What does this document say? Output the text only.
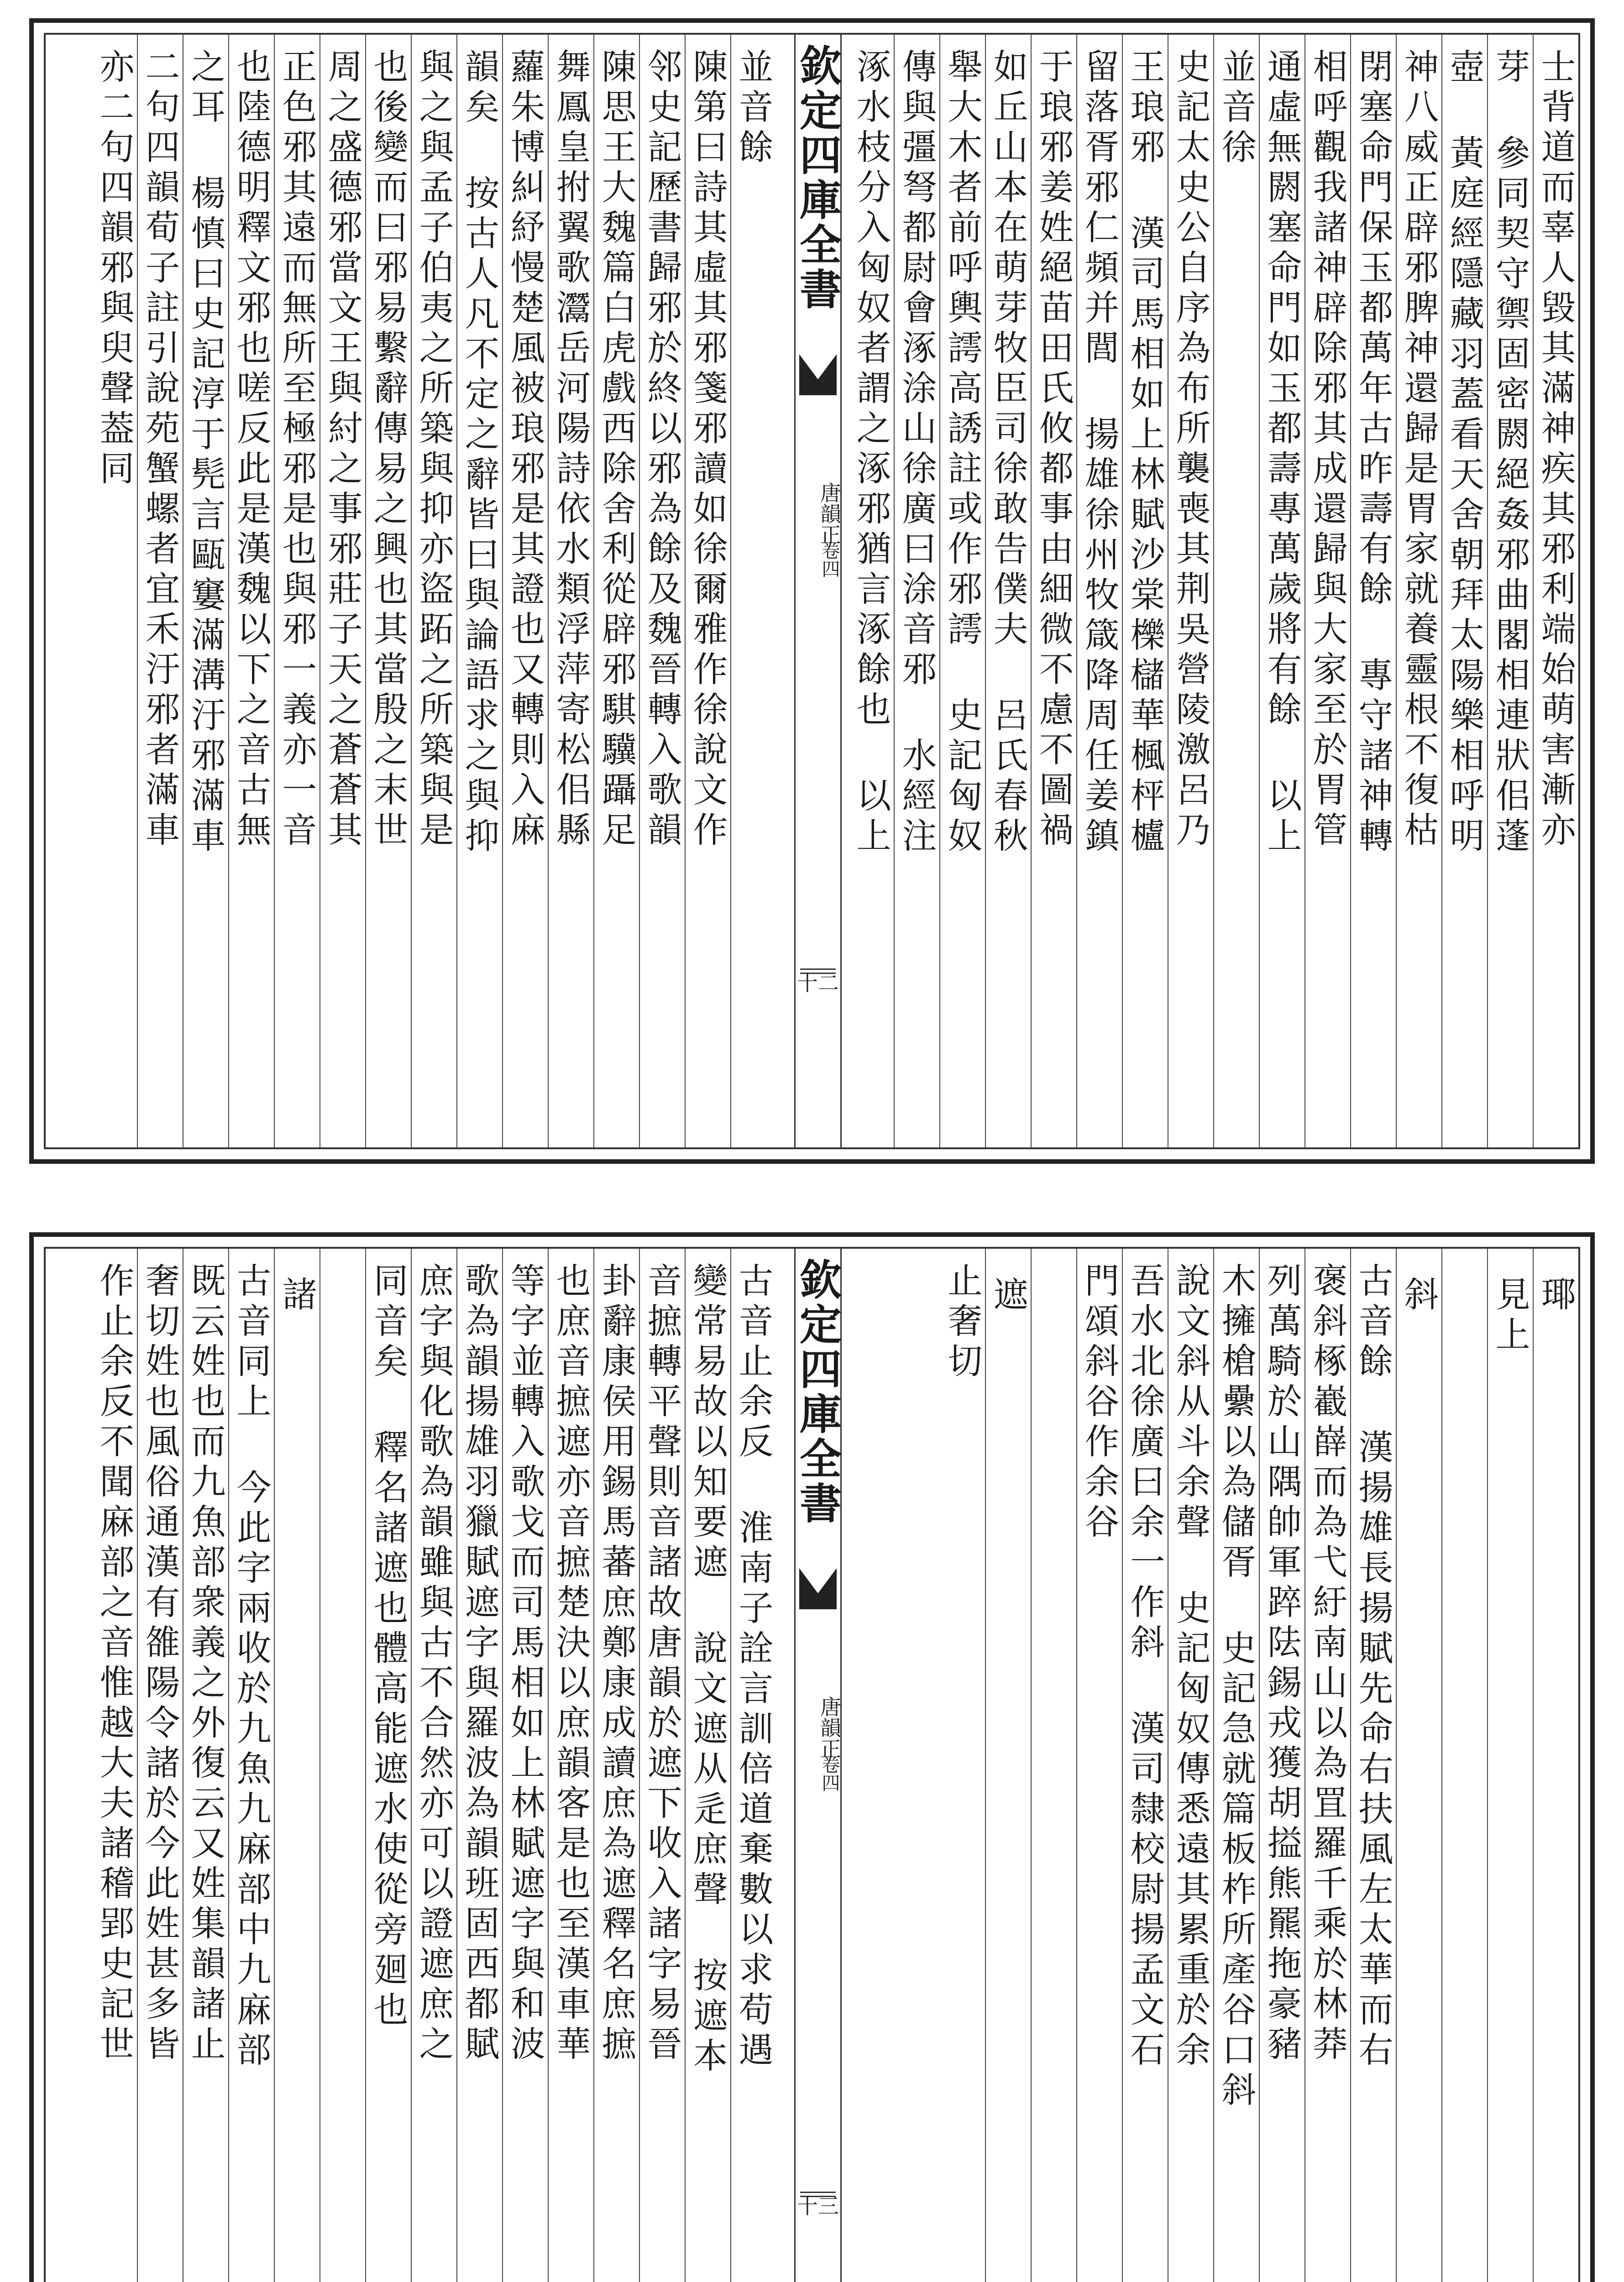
士背道而辜人毀其滿神疾其邪利端始萌害漸亦
芽 參同契守禦固密閼絕姦邪曲閣相連狀佀蓬
壺 黃庭經隱藏羽蓋看天舍朝拜太陽樂相呼明
神八威正辟邪脾神還歸是胃家就養靈根不復枯
閉塞命門保玉都萬年古昨壽有餘 專守諸神轉
相呼觀我諸神辟除邪其成還歸與大家至於胃管
通虛無閼塞命門如玉都壽專萬歲將有餘 以上
並音徐
史記太史公自序為布所襲喪其荆吳營陵激呂乃
王琅邪 漢司馬相如上林賦沙棠櫟櫧華楓枰櫨
留落胥邪仁頻并閭 揚雄徐州牧箴降周任姜鎮
于琅邪姜姓絕苗田氏攸都事由細微不慮不圖禍
如丘山本在萌芽牧臣司徐敢告僕夫 呂氏春秋
舉大木者前呼輿謣高誘註或作邪謣 史記匈奴
傳與彊弩都尉會涿涂山徐廣曰涂音邪 水經注
涿水枝分入匈奴者謂之涿邪猶言涿餘也 以上
欽定四庫全書
唐韻正
卷四
十二
並音餘
陳第曰詩其虛其邪箋邪讀如徐爾雅作徐說文作
邻史記歷書歸邪於終以邪為餘及魏晉轉入歌韻
陳思王大魏篇白虎戲西除舍利從辟邪騏驥躡足
舞鳳皇拊翼歌灊岳河陽詩依水類浮萍寄松佀縣
蘿朱博糾紓慢楚風被琅邪是其證也又轉則入麻
韻矣 按古人凡不定之辭皆曰與論語求之與抑
與之與孟子伯夷之所築與抑亦盜跖之所築與是
也後變而曰邪易繫辭傳易之興也其當殷之末世
周之盛德邪當文王與紂之事邪莊子天之蒼蒼其
正色邪其遠而無所至極邪是也與邪一義亦一音
也陸德明釋文邪也嗟反此是漢魏以下之音古無
之耳 楊慎曰史記淳于髡言甌窶滿溝汙邪滿車
二句四韻荀子註引說苑蟹螺者宜禾汙邪者滿車
亦二句四韻邪與臾聲葢同
瑘
見上
斜
古音餘 漢揚雄長揚賦先命右扶風左太華而右
褒斜椓嶻嶭而為弋紆南山以為罝羅千乘於林莽
列萬騎於山隅帥軍踤阹錫戎獲胡搤熊羆拖豪豬
木擁槍纍以為儲胥 史記急就篇板柞所產谷口斜
說文斜从斗余聲 史記匈奴傳悉遠其累重於余
吾水北徐廣曰余一作斜 漢司隸校尉揚孟文石
門頌斜谷作余谷
遮
止奢切
欽定四庫全書
唐韻正
卷四
十三
古音止余反 淮南子詮言訓倍道棄數以求苟遇
變常易故以知要遮 說文遮从辵庶聲 按遮本
音摭轉平聲則音諸故唐韻於遮下收入諸字易晉
卦辭康侯用錫馬蕃庶鄭康成讀庶為遮釋名庶摭
也庶音摭遮亦音摭楚決以庶韻客是也至漢車華
等字並轉入歌戈而司馬相如上林賦遮字與和波
歌為韻揚雄羽獵賦遮字與羅波為韻班固西都賦
庶字與化歌為韻雖與古不合然亦可以證遮庶之
同音矣 釋名諸遮也體高能遮水使從旁廻也
諸
古音同上 今此字兩收於九魚九麻部中九麻部
既云姓也而九魚部衆義之外復云又姓集韻諸止
奢切姓也風俗通漢有雒陽令諸於今此姓甚多皆
作止余反不聞麻部之音惟越大夫諸稽郢史記世
